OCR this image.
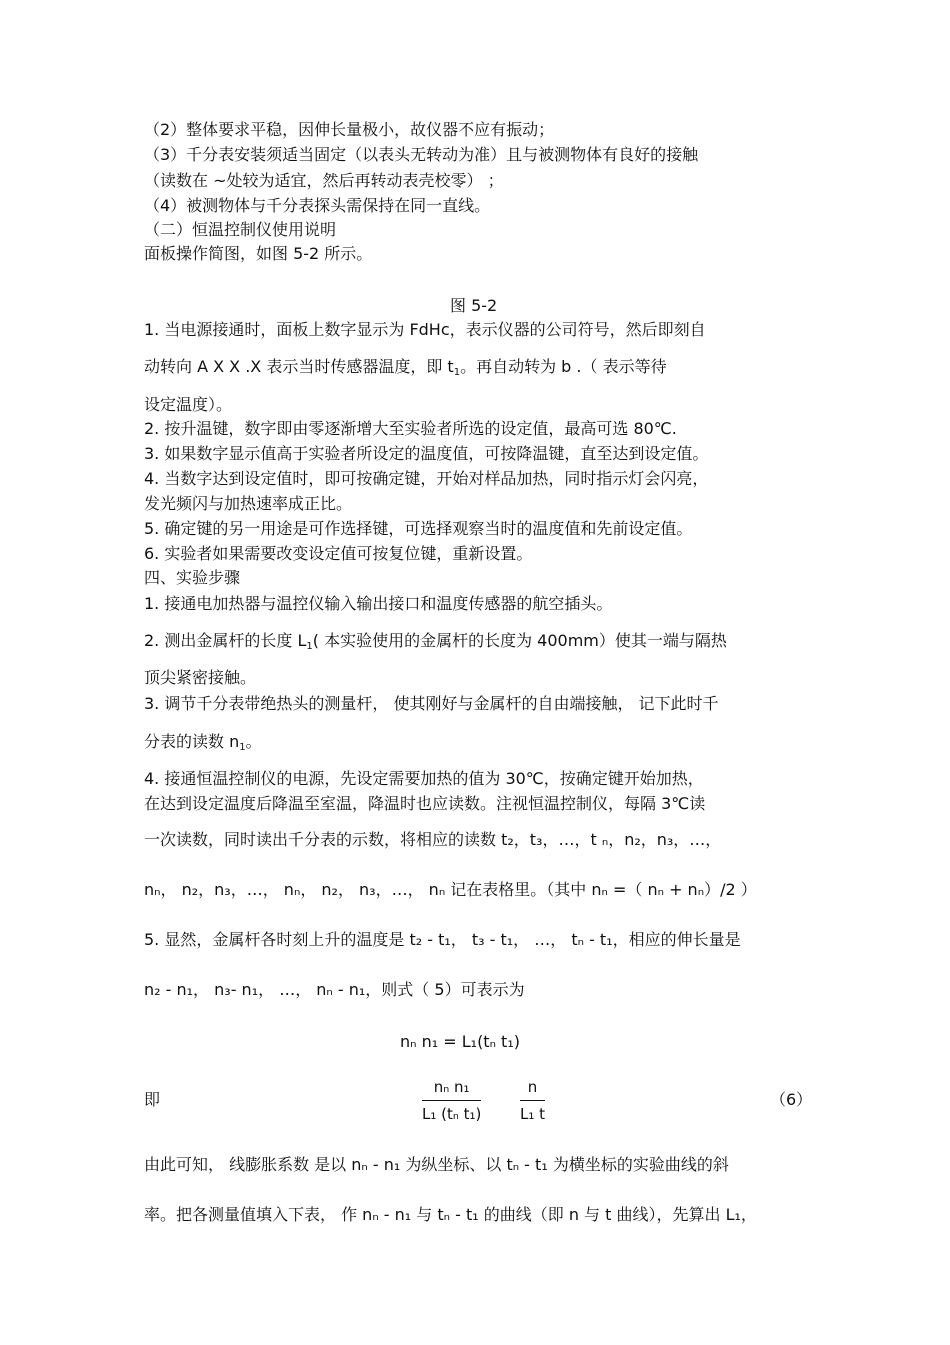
（2）整体要求平稳，因伸长量极小，故仪器不应有振动；
（3）千分表安装须适当固定（以表头无转动为准）且与被测物体有良好的接触
（读数在 ~处较为适宜，然后再转动表壳校零） ；
（4）被测物体与千分表探头需保持在同一直线。
（二）恒温控制仪使用说明
面板操作简图，如图 5-2 所示。
图 5-2
1. 当电源接通时，面板上数字显示为 FdHc，表示仪器的公司符号，然后即刻自
动转向 A X X .X 表示当时传感器温度，即 $t_1$。再自动转为 b .（ 表示等待
设定温度）。
2. 按升温键，数字即由零逐渐增大至实验者所选的设定值，最高可选 80℃.
3. 如果数字显示值高于实验者所设定的温度值，可按降温键，直至达到设定值。
4. 当数字达到设定值时，即可按确定键，开始对样品加热，同时指示灯会闪亮，
发光频闪与加热速率成正比。
5. 确定键的另一用途是可作选择键，可选择观察当时的温度值和先前设定值。
6. 实验者如果需要改变设定值可按复位键，重新设置。
四、实验步骤
1. 接通电加热器与温控仪输入输出接口和温度传感器的航空插头。
2. 测出金属杆的长度 $L_1$( 本实验使用的金属杆的长度为 400mm）使其一端与隔热
顶尖紧密接触。
3. 调节千分表带绝热头的测量杆， 使其刚好与金属杆的自由端接触， 记下此时千
分表的读数 $n_1$。
4. 接通恒温控制仪的电源，先设定需要加热的值为 30℃，按确定键开始加热，
在达到设定温度后降温至室温，降温时也应读数。注视恒温控制仪，每隔 3℃读
一次读数，同时读出千分表的示数，将相应的读数 t₂，t₃，…，t ₙ，n₂，n₃，…，
nₙ， n₂，n₃，…， nₙ， n₂， n₃，…， nₙ 记在表格里。（其中 nₙ =（ nₙ + nₙ）/2 ）
5. 显然，金属杆各时刻上升的温度是 t₂ - t₁， t₃ - t₁， …， tₙ - t₁，相应的伸长量是
n₂ - n₁， n₃- n₁， …， nₙ - n₁，则式（ 5）可表示为
nₙ n₁ = L₁(tₙ t₁)
即	$\frac{\text{nₙ n₁}}{\text{L₁ (tₙ t₁)}}$	$\frac{n}{\text{L₁ t}}$	（6）
由此可知， 线膨胀系数 是以 nₙ - n₁ 为纵坐标、以 tₙ - t₁ 为横坐标的实验曲线的斜
率。把各测量值填入下表， 作 nₙ - n₁ 与 tₙ - t₁ 的曲线（即 n 与 t 曲线），先算出 L₁，
